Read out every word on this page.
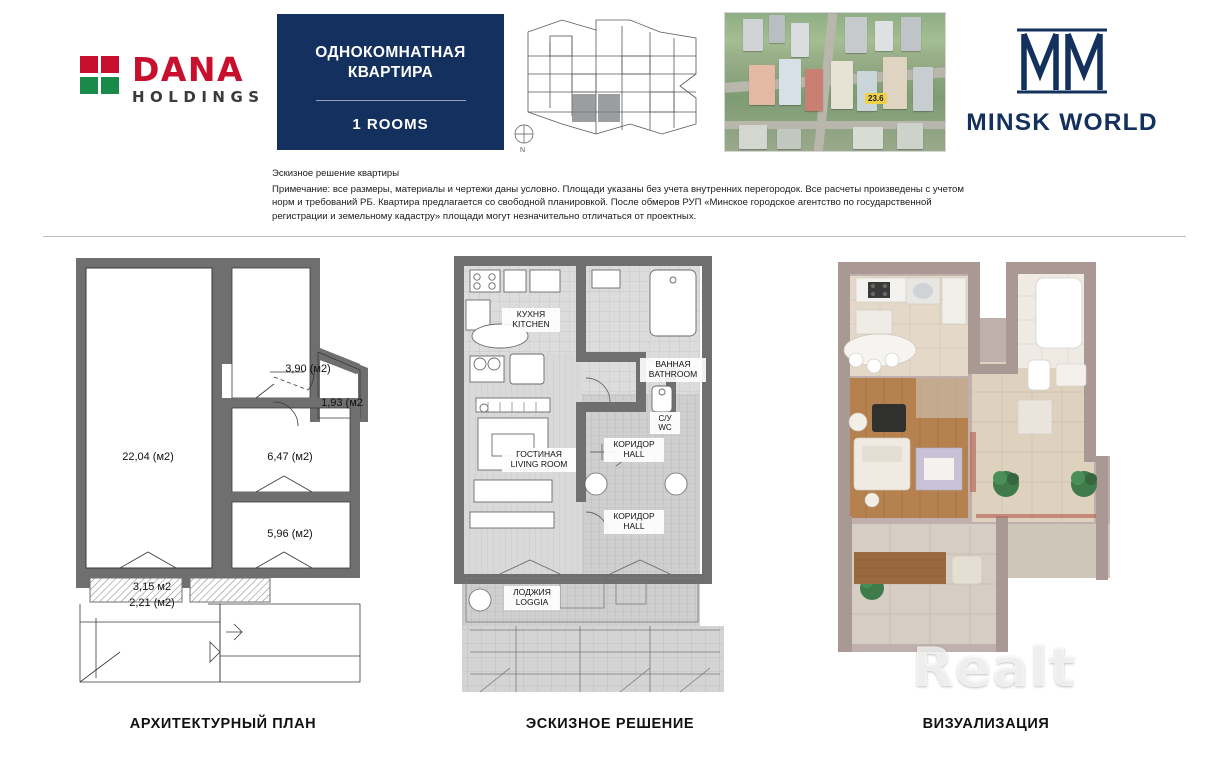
DANA
HOLDINGS
ОДНОКОМНАТНАЯ
КВАРТИРА
1 ROOMS
N
23.6
MINSK WORLD
Эскизное решение квартиры
Примечание: все размеры, материалы и чертежи даны условно. Площади указаны без учета внутренних перегородок. Все расчеты произведены с учетом норм и требований РБ. Квартира предлагается со свободной планировкой. После обмеров РУП «Минское городское агентство по государственной регистрации и земельному кадастру» площади могут незначительно отличаться от проектных.
22,04 (м2)
3,90 (м2)
1,93 (м2
6,47 (м2)
5,96 (м2)
3,15 м2
2,21 (м2)
КУХНЯ
KITCHEN
ВАННАЯ
BATHROOM
С/У
WC
ГОСТИНАЯ
LIVING ROOM
КОРИДОР
HALL
КОРИДОР
HALL
ЛОДЖИЯ
LOGGIA
Realt
АРХИТЕКТУРНЫЙ ПЛАН	ЭСКИЗНОЕ РЕШЕНИЕ	ВИЗУАЛИЗАЦИЯ
